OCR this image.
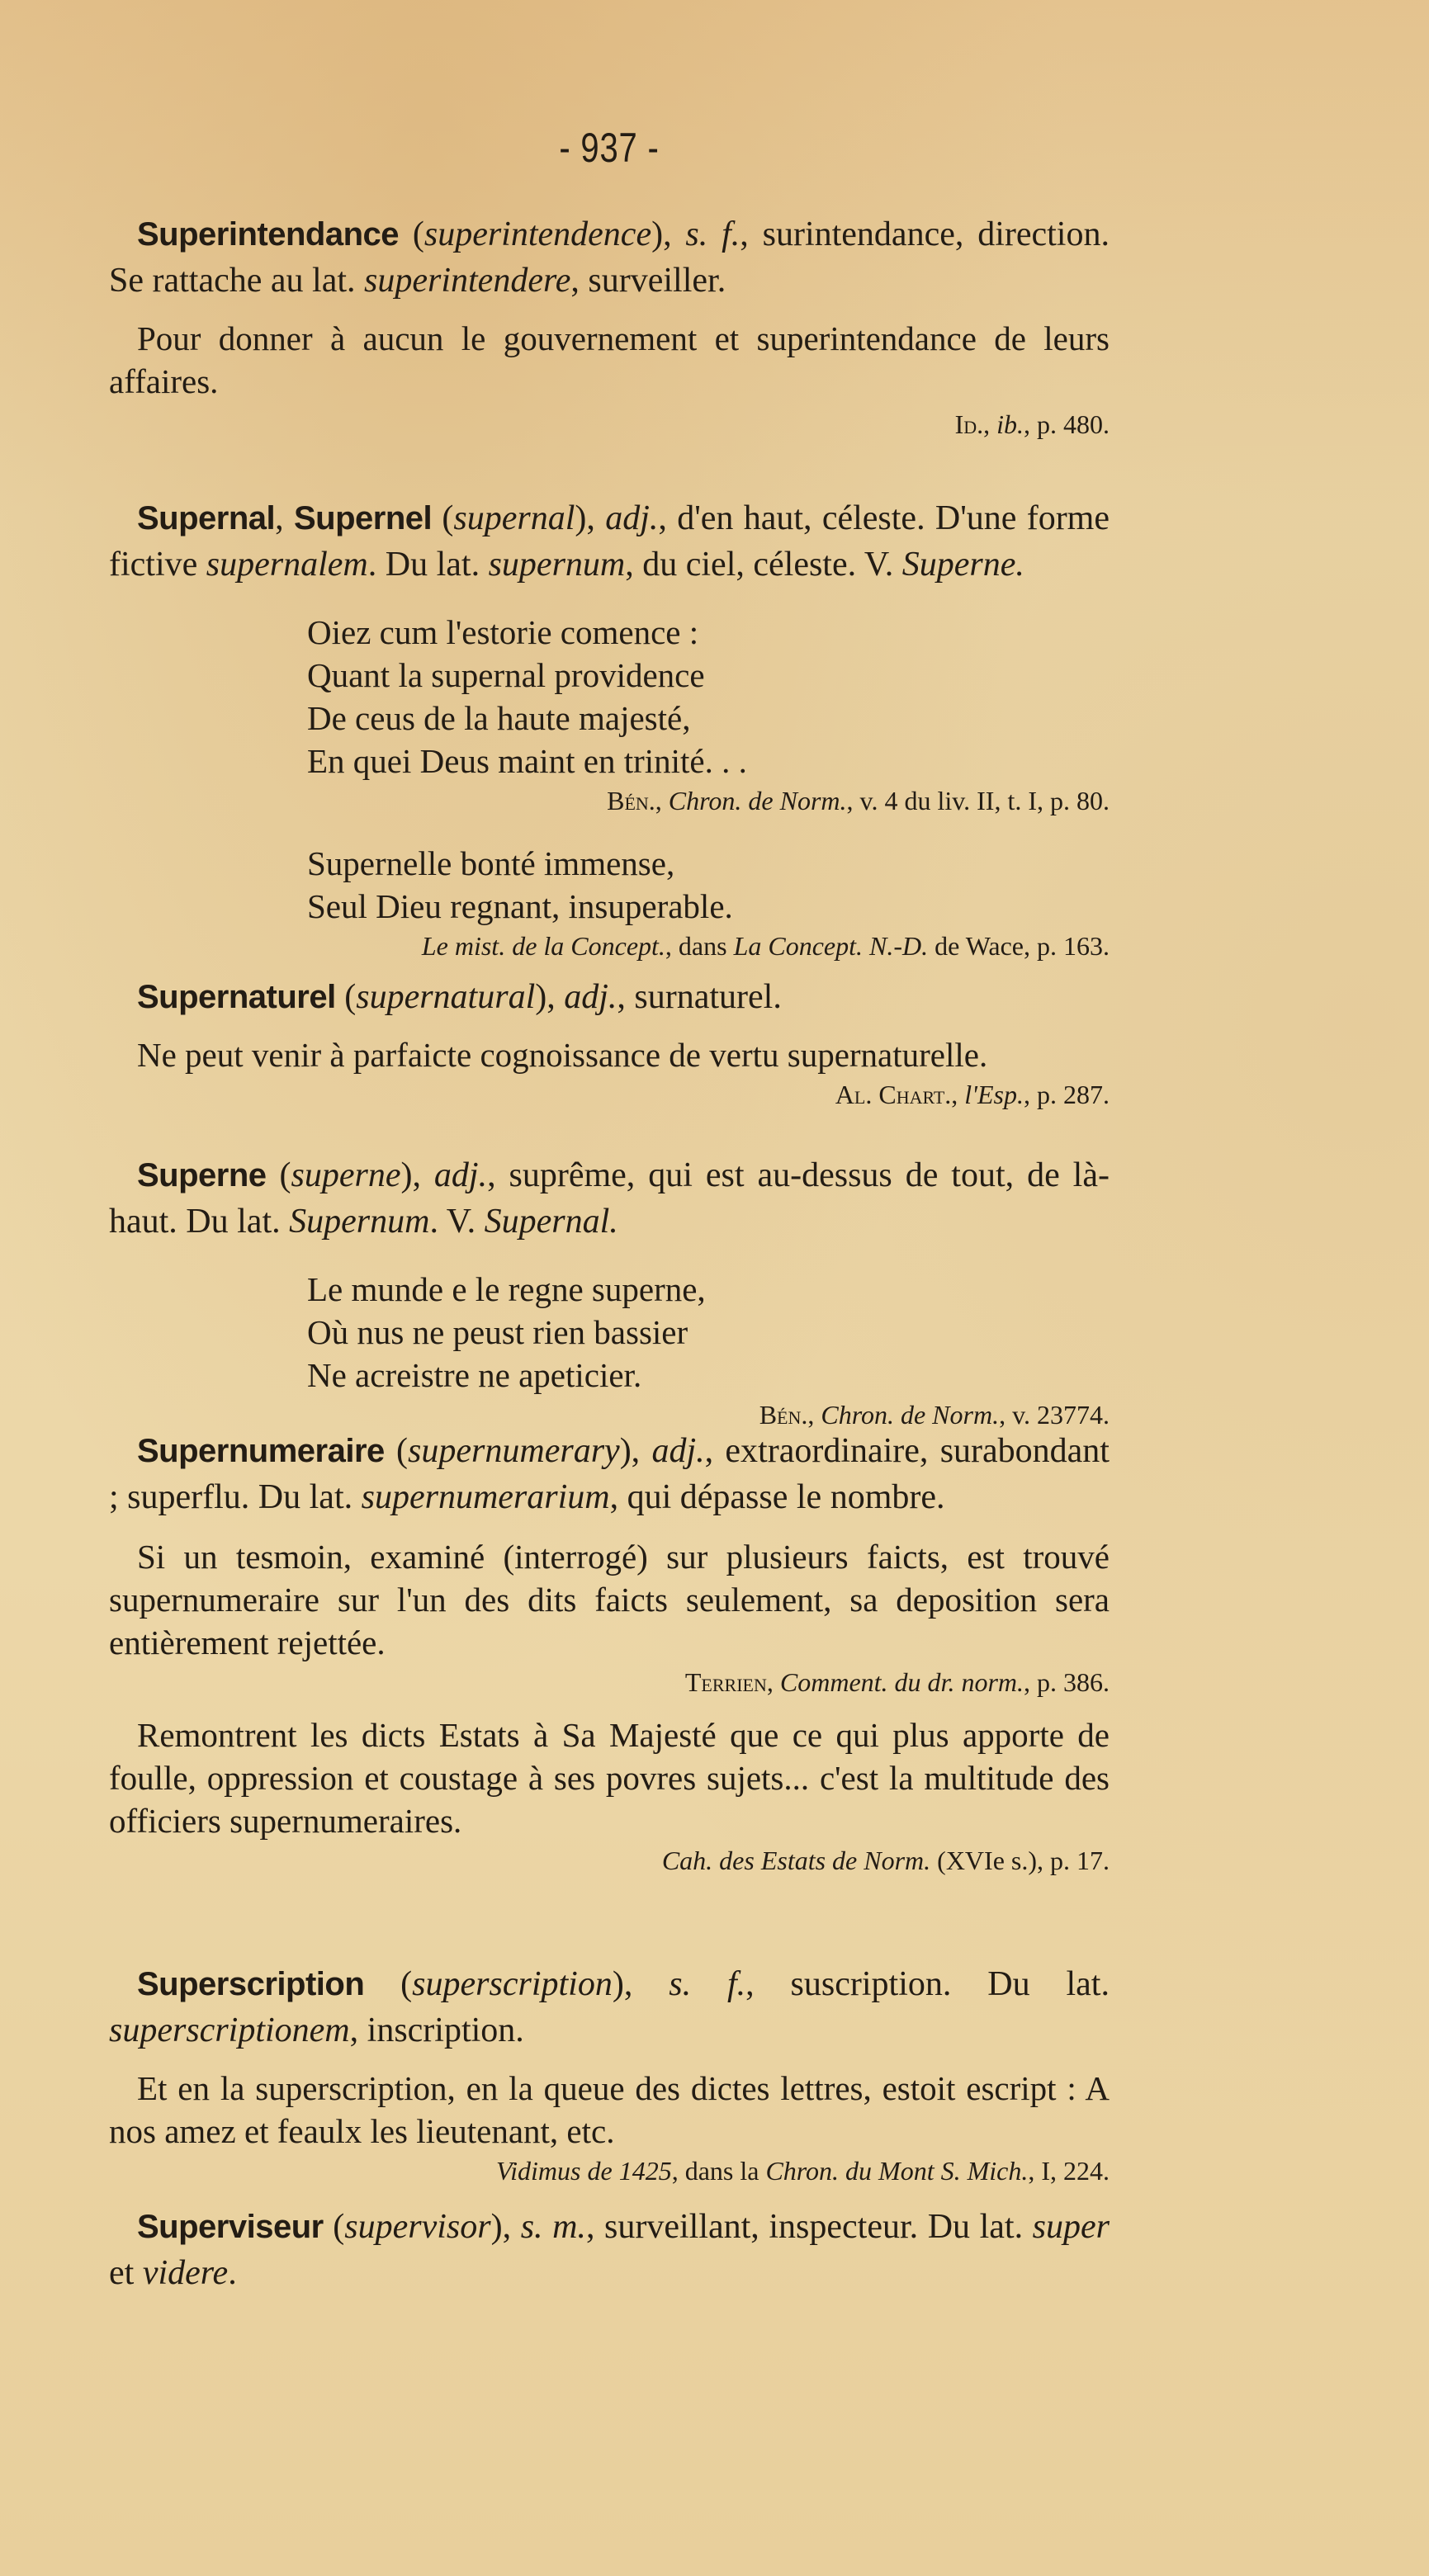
- 937 -

Superintendance (superintendence), s. f., surintendance, direction. Se rattache au lat. superintendere, surveiller.

Pour donner à aucun le gouvernement et superintendance de leurs affaires.

Id., ib., p. 480.

Supernal, Supernel (supernal), adj., d'en haut, céleste. D'une forme fictive supernalem. Du lat. supernum, du ciel, céleste. V. Superne.

Oiez cum l'estorie comence :
Quant la supernal providence
De ceus de la haute majesté,
En quei Deus maint en trinité. . .

Bén., Chron. de Norm., v. 4 du liv. II, t. I, p. 80.

Supernelle bonté immense,
Seul Dieu regnant, insuperable.

Le mist. de la Concept., dans La Concept. N.-D. de Wace, p. 163.

Supernaturel (supernatural), adj., surnaturel.

Ne peut venir à parfaicte cognoissance de vertu supernaturelle.

Al. Chart., l'Esp., p. 287.

Superne (superne), adj., suprême, qui est au-dessus de tout, de là-haut. Du lat. Supernum. V. Supernal.

Le munde e le regne superne,
Où nus ne peust rien bassier
Ne acreistre ne apeticier.

Bén., Chron. de Norm., v. 23774.

Supernumeraire (supernumerary), adj., extraordinaire, surabondant ; superflu. Du lat. supernumerarium, qui dépasse le nombre.

Si un tesmoin, examiné (interrogé) sur plusieurs faicts, est trouvé supernumeraire sur l'un des dits faicts seulement, sa deposition sera entièrement rejettée.

Terrien, Comment. du dr. norm., p. 386.

Remontrent les dicts Estats à Sa Majesté que ce qui plus apporte de foulle, oppression et coustage à ses povres sujets... c'est la multitude des officiers supernumeraires.

Cah. des Estats de Norm. (XVIe s.), p. 17.

Superscription (superscription), s. f., suscription. Du lat. superscriptionem, inscription.

Et en la superscription, en la queue des dictes lettres, estoit escript : A nos amez et feaulx les lieutenant, etc.

Vidimus de 1425, dans la Chron. du Mont S. Mich., I, 224.

Superviseur (supervisor), s. m., surveillant, inspecteur. Du lat. super et videre.
